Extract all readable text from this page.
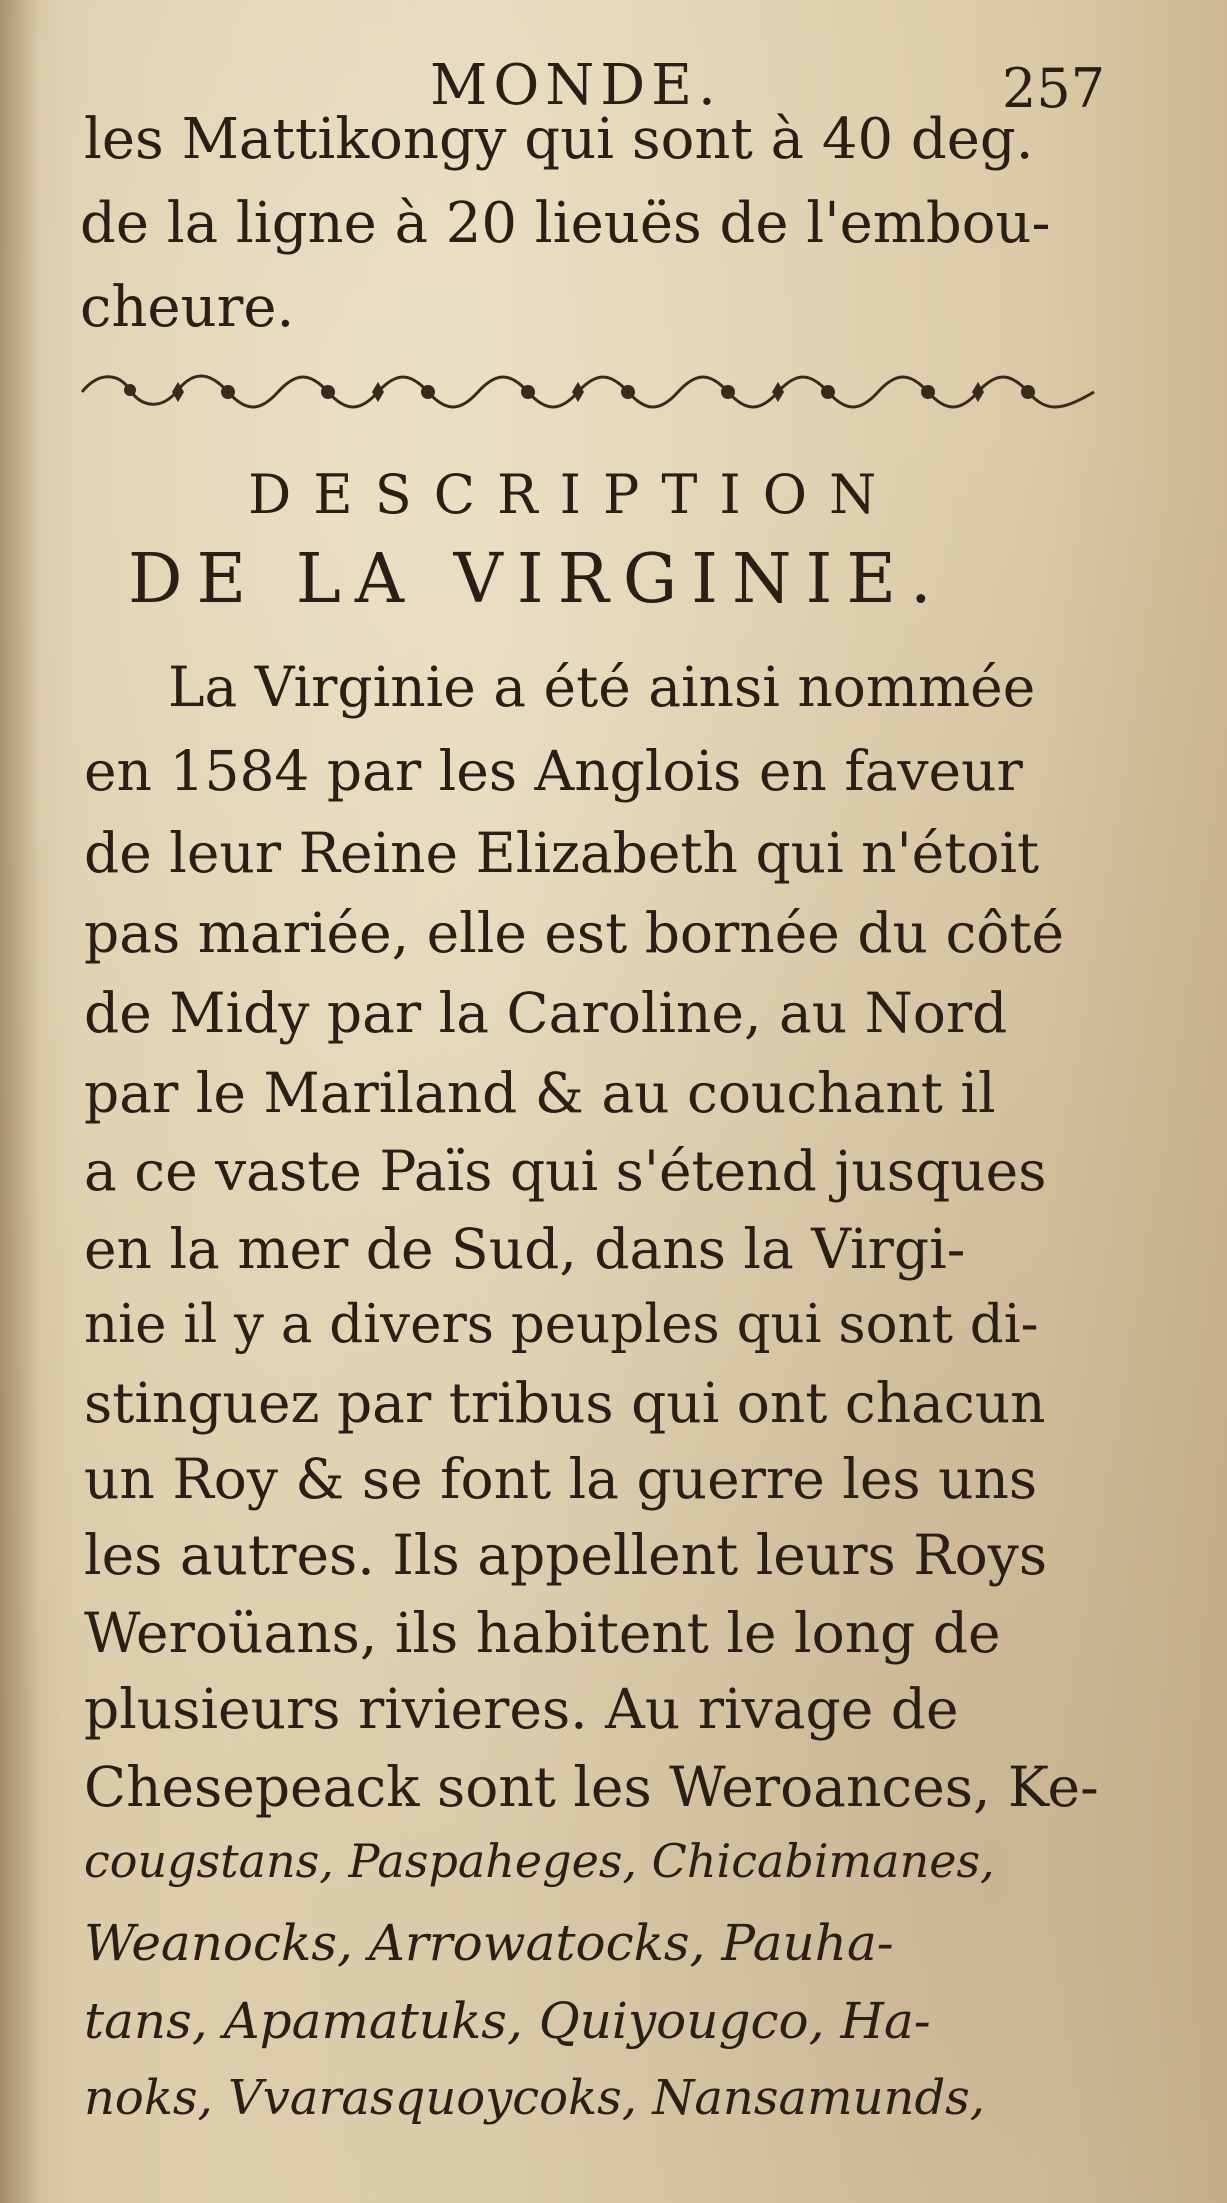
MONDE.	257
les Mattikongy qui sont à 40 deg.
de la ligne à 20 lieuës de l'embou-
cheure.
DESCRIPTION
DE LA VIRGINIE.
La Virginie a été ainsi nommée
en 1584 par les Anglois en faveur
de leur Reine Elizabeth qui n'étoit
pas mariée, elle est bornée du côté
de Midy par la Caroline, au Nord
par le Mariland & au couchant il
a ce vaste Païs qui s'étend jusques
en la mer de Sud, dans la Virgi-
nie il y a divers peuples qui sont di-
stinguez par tribus qui ont chacun
un Roy & se font la guerre les uns
les autres. Ils appellent leurs Roys
Weroüans, ils habitent le long de
plusieurs rivieres. Au rivage de
Chesepeack sont les Weroances, Ke-
cougstans, Paspaheges, Chicabimanes,
Weanocks, Arrowatocks, Pauha-
tans, Apamatuks, Quiyougco, Ha-
noks, Vvarasquoycoks, Nansamunds,
